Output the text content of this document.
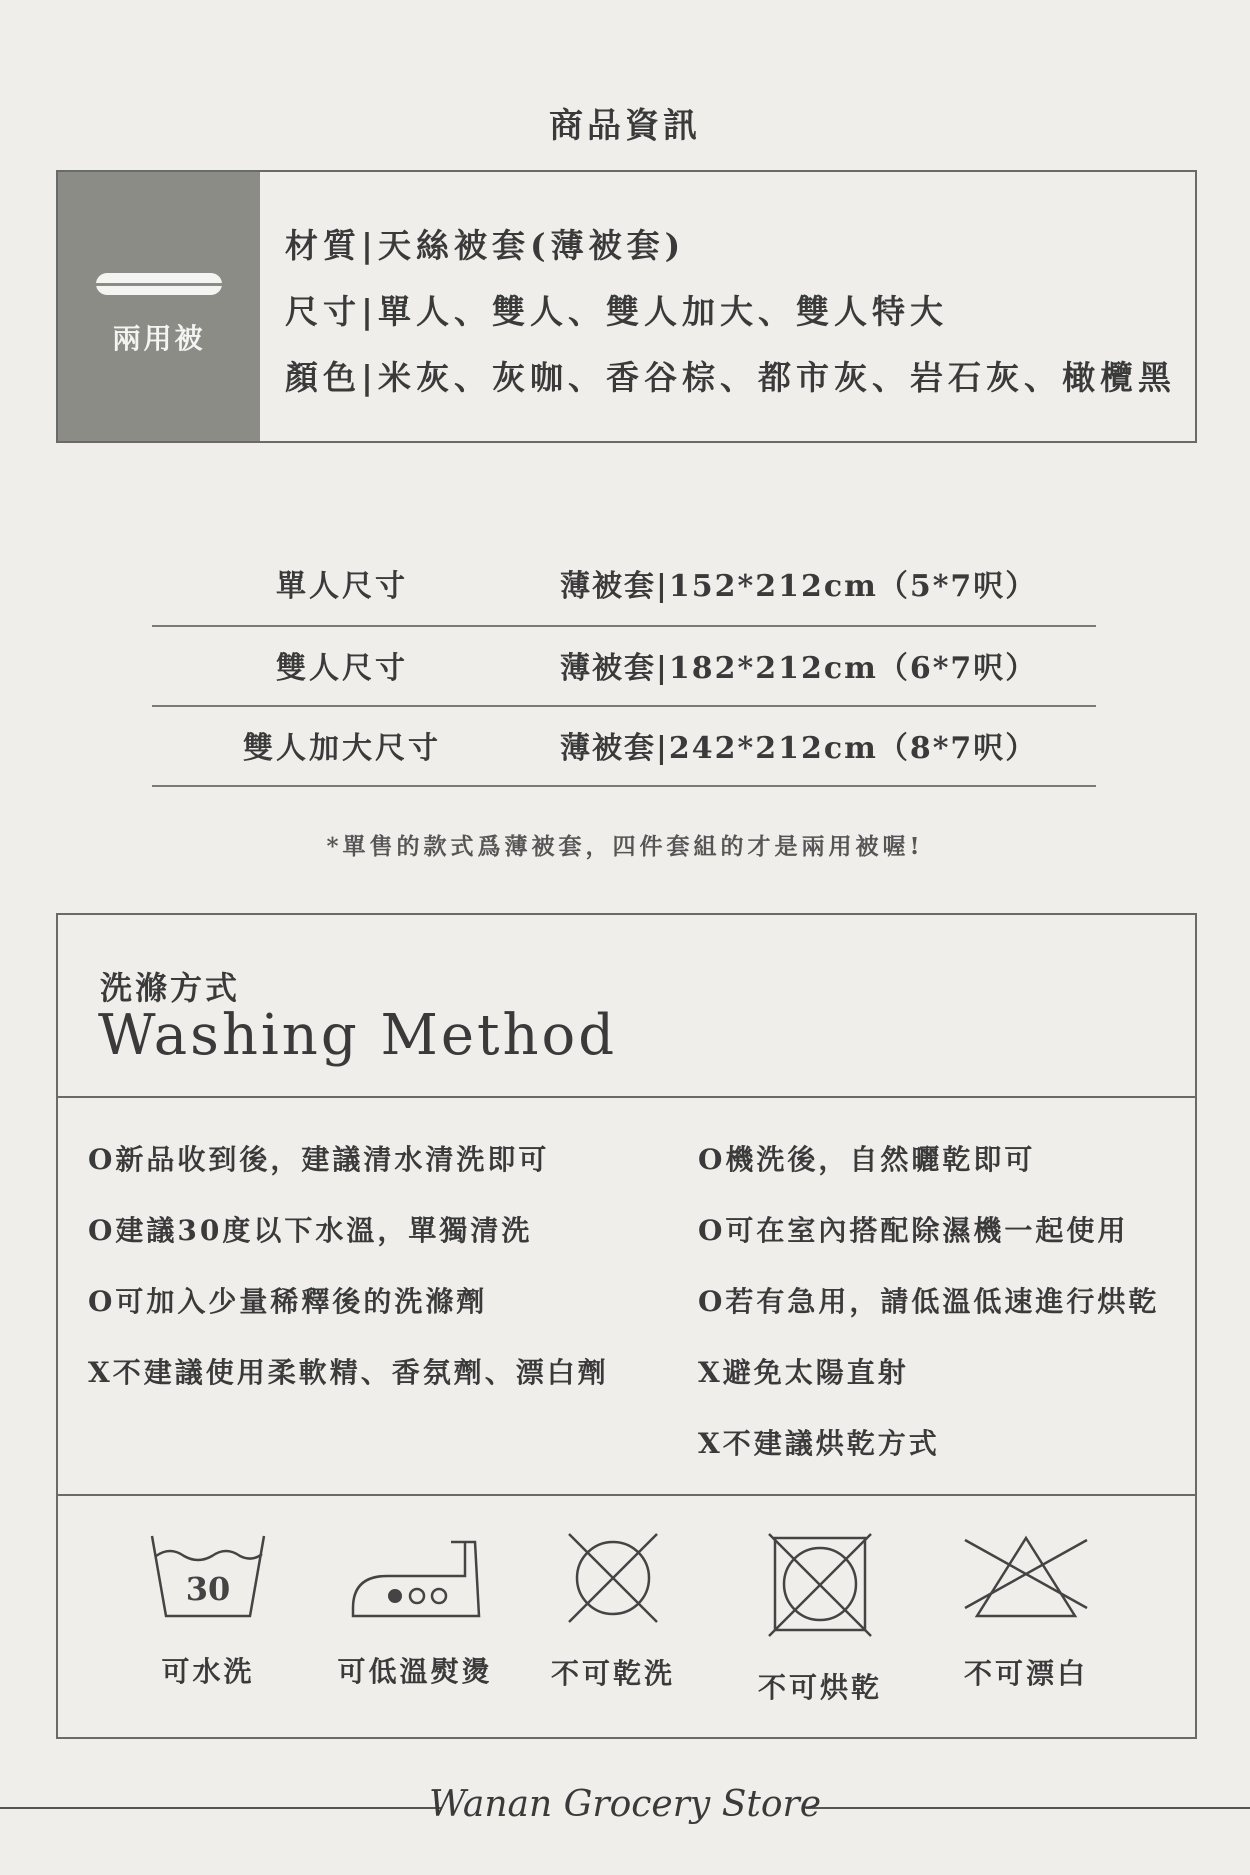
商品資訊
兩用被
材質|天絲被套(薄被套)
尺寸|單人、雙人、雙人加大、雙人特大
顏色|米灰、灰咖、香谷棕、都市灰、岩石灰、橄欖黑
單人尺寸	薄被套|152*212cm（5*7呎）
雙人尺寸	薄被套|182*212cm（6*7呎）
雙人加大尺寸	薄被套|242*212cm（8*7呎）
*單售的款式爲薄被套，四件套組的才是兩用被喔!
洗滌方式
Washing Method
O新品收到後，建議清水清洗即可
O建議30度以下水溫，單獨清洗
O可加入少量稀釋後的洗滌劑
X不建議使用柔軟精、香氛劑、漂白劑
O機洗後，自然曬乾即可
O可在室內搭配除濕機一起使用
O若有急用，請低溫低速進行烘乾
X避免太陽直射
X不建議烘乾方式
30
可水洗	可低溫熨燙	不可乾洗	不可烘乾	不可漂白
Wanan Grocery Store
